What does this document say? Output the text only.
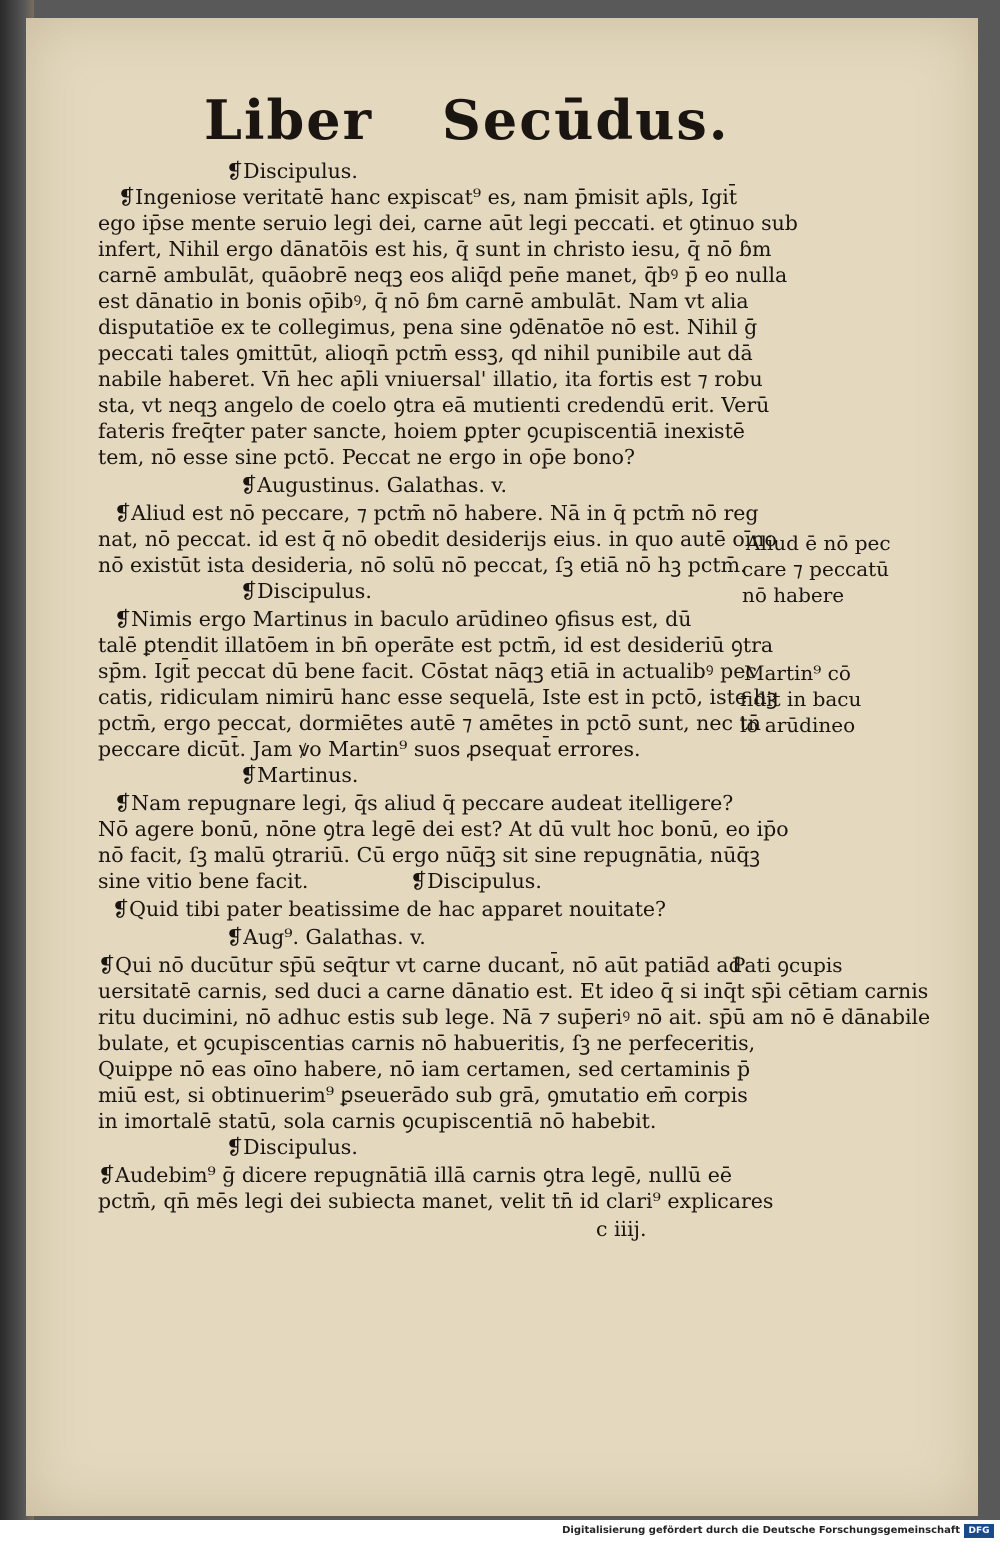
Liber Secūdus.
❡Discipulus.
❡Ingeniose veritatē hanc expiscat⁹ es, nam p̄misit ap̄ls, Igit̄
ego ip̄se mente seruio legi dei, carne aūt legi peccati. et ꝯtinuo sub
infert, Nihil ergo dānatōis est his, q̄ sunt in christo iesu, q̄ nō ɓm
carnē ambulāt, quāobrē neqꝫ eos aliq̄d pen̄e manet, q̄bꝰ p̄ eo nulla
est dānatio in bonis op̄ibꝰ, q̄ nō ɓm carnē ambulāt. Nam vt alia
disputatiōe ex te collegimus, pena sine ꝯdēnatōe nō est. Nihil ḡ
peccati tales ꝯmittūt, alioqn̄ pctm̄ essꝫ, qd nihil punibile aut dā
nabile haberet. Vn̄ hec ap̄li vniuersal' illatio, ita fortis est ⁊ robu
sta, vt neqꝫ angelo de coelo ꝯtra eā mutienti credendū erit. Verū
fateris freq̄ter pater sancte, hoiem ꝑpter ꝯcupiscentiā inexistē
tem, nō esse sine pctō. Peccat ne ergo in op̄e bono?
❡Augustinus. Galathas. v.
❡Aliud est nō peccare, ⁊ pctm̄ nō habere. Nā in q̄ pctm̄ nō reg
nat, nō peccat. id est q̄ nō obedit desiderijs eius. in quo autē oīno
nō existūt ista desideria, nō solū nō peccat, ſꝫ etiā nō hꝫ pctm̄.
❡Discipulus.
❡Nimis ergo Martinus in baculo arūdineo ꝯfisus est, dū
talē ꝑtendit illatōem in bn̄ operāte est pctm̄, id est desideriū ꝯtra
sp̄m. Igit̄ peccat dū bene facit. Cōstat nāqꝫ etiā in actualibꝰ pec
catis, ridiculam nimirū hanc esse sequelā, Iste est in pctō, iste hꝫ
pctm̄, ergo peccat, dormiētes autē ⁊ amētes in pctō sunt, nec tn̄
peccare dicūt̄. Jam ꝟo Martin⁹ suos ꝓsequat̄ errores.
❡Martinus.
❡Nam repugnare legi, q̄s aliud q̄ peccare audeat itelligere?
Nō agere bonū, nōne ꝯtra legē dei est? At dū vult hoc bonū, eo ip̄o
nō facit, ſꝫ malū ꝯtrariū. Cū ergo nūq̄ꝫ sit sine repugnātia, nūq̄ꝫ
sine vitio bene facit.	❡Discipulus.
❡Quid tibi pater beatissime de hac apparet nouitate?
❡Aug⁹. Galathas. v.
❡Qui nō ducūtur sp̄ū seq̄tur vt carne ducant̄, nō aūt patiād ad
uersitatē carnis, sed duci a carne dānatio est. Et ideo q̄ si inq̄t sp̄i cētiam carnis
ritu ducimini, nō adhuc estis sub lege. Nā ⁊ sup̄eriꝰ nō ait. sp̄ū am nō ē dānabile
bulate, et ꝯcupiscentias carnis nō habueritis, ſꝫ ne perfeceritis,
Quippe nō eas oīno habere, nō iam certamen, sed certaminis p̄
miū est, si obtinuerim⁹ ꝑseuerādo sub grā, ꝯmutatio em̄ corpis
in imortalē statū, sola carnis ꝯcupiscentiā nō habebit.
❡Discipulus.
❡Audebim⁹ ḡ dicere repugnātiā illā carnis ꝯtra legē, nullū eē
pctm̄, qn̄ mēs legi dei subiecta manet, velit tn̄ id clari⁹ explicares
c iiij.
Aliud ē nō pec
care ⁊ peccatū
nō habere
Martin⁹ cō
fidit in bacu
lo arūdineo
Pati ꝯcupis
Digitalisierung gefördert durch die Deutsche Forschungsgemeinschaft DFG
